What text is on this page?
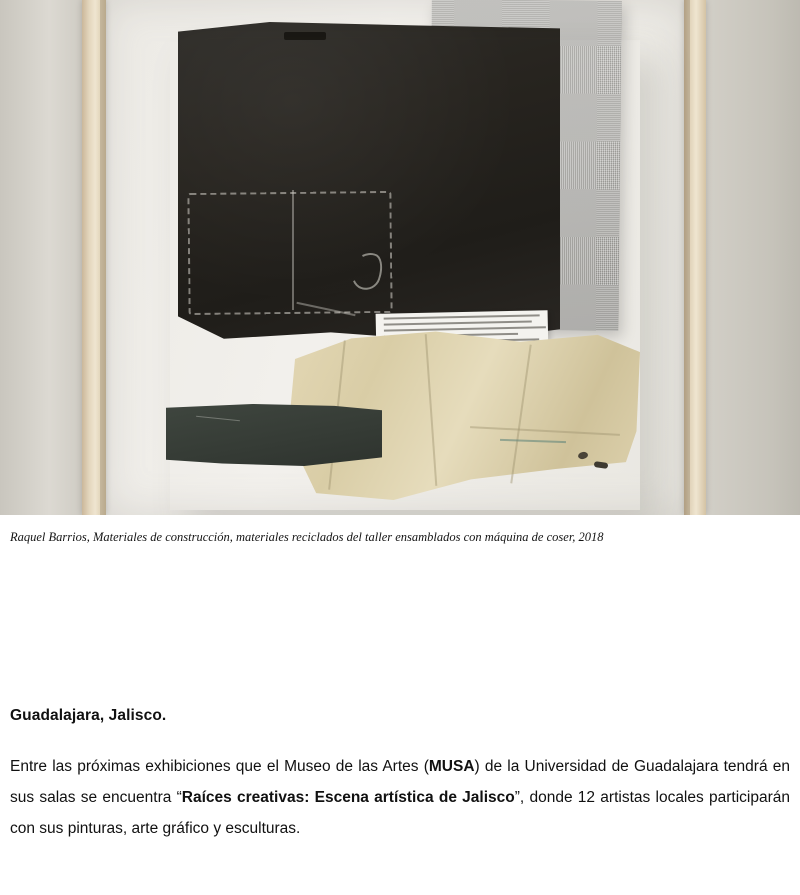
Raquel Barrios, Materiales de construcción, materiales reciclados del taller ensamblados con máquina de coser, 2018

Guadalajara, Jalisco.

Entre las próximas exhibiciones que el Museo de las Artes (MUSA) de la Universidad de Guadalajara tendrá en sus salas se encuentra “Raíces creativas: Escena artística de Jalisco”, donde 12 artistas locales participarán con sus pinturas, arte gráfico y esculturas.
